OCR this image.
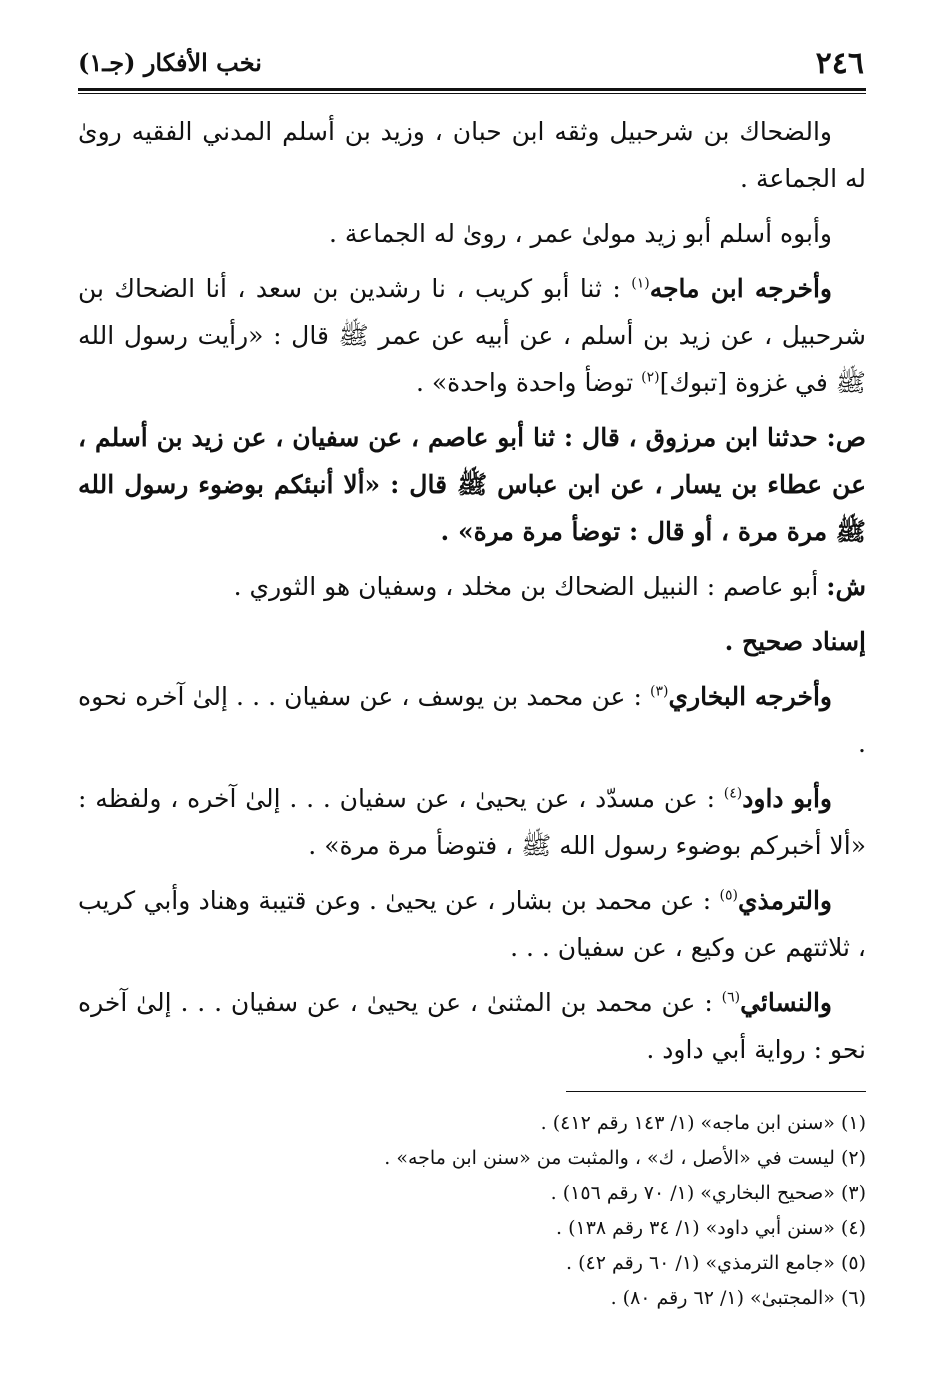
٢٤٦
نخب الأفكار (جـ١)

والضحاك بن شرحبيل وثقه ابن حبان ، وزيد بن أسلم المدني الفقيه روىٰ له الجماعة .

وأبوه أسلم أبو زيد مولىٰ عمر ، روىٰ له الجماعة .

وأخرجه ابن ماجه$^{(١)}$ : ثنا أبو كريب ، نا رشدين بن سعد ، أنا الضحاك بن شرحبيل ، عن زيد بن أسلم ، عن أبيه عن عمر ﷺ قال : «رأيت رسول الله ﷺ في غزوة [تبوك]$^{(٢)}$ توضأ واحدة واحدة» .

ص: حدثنا ابن مرزوق ، قال : ثنا أبو عاصم ، عن سفيان ، عن زيد بن أسلم ، عن عطاء بن يسار ، عن ابن عباس ﷺ قال : «ألا أنبئكم بوضوء رسول الله ﷺ مرة مرة ، أو قال : توضأ مرة مرة» .

ش: أبو عاصم : النبيل الضحاك بن مخلد ، وسفيان هو الثوري .

إسناد صحيح .

وأخرجه البخاري$^{(٣)}$ : عن محمد بن يوسف ، عن سفيان . . . إلىٰ آخره نحوه .

وأبو داود$^{(٤)}$ : عن مسدّد ، عن يحيىٰ ، عن سفيان . . . إلىٰ آخره ، ولفظه : «ألا أخبركم بوضوء رسول الله ﷺ ، فتوضأ مرة مرة» .

والترمذي$^{(٥)}$ : عن محمد بن بشار ، عن يحيىٰ . وعن قتيبة وهناد وأبي كريب ، ثلاثتهم عن وكيع ، عن سفيان . . .

والنسائي$^{(٦)}$ : عن محمد بن المثنىٰ ، عن يحيىٰ ، عن سفيان . . . إلىٰ آخره نحو : رواية أبي داود .

(١) «سنن ابن ماجه» (١/ ١٤٣ رقم ٤١٢) .

(٢) ليست في «الأصل ، ك» ، والمثبت من «سنن ابن ماجه» .

(٣) «صحيح البخاري» (١/ ٧٠ رقم ١٥٦) .

(٤) «سنن أبي داود» (١/ ٣٤ رقم ١٣٨) .

(٥) «جامع الترمذي» (١/ ٦٠ رقم ٤٢) .

(٦) «المجتبىٰ» (١/ ٦٢ رقم ٨٠) .
